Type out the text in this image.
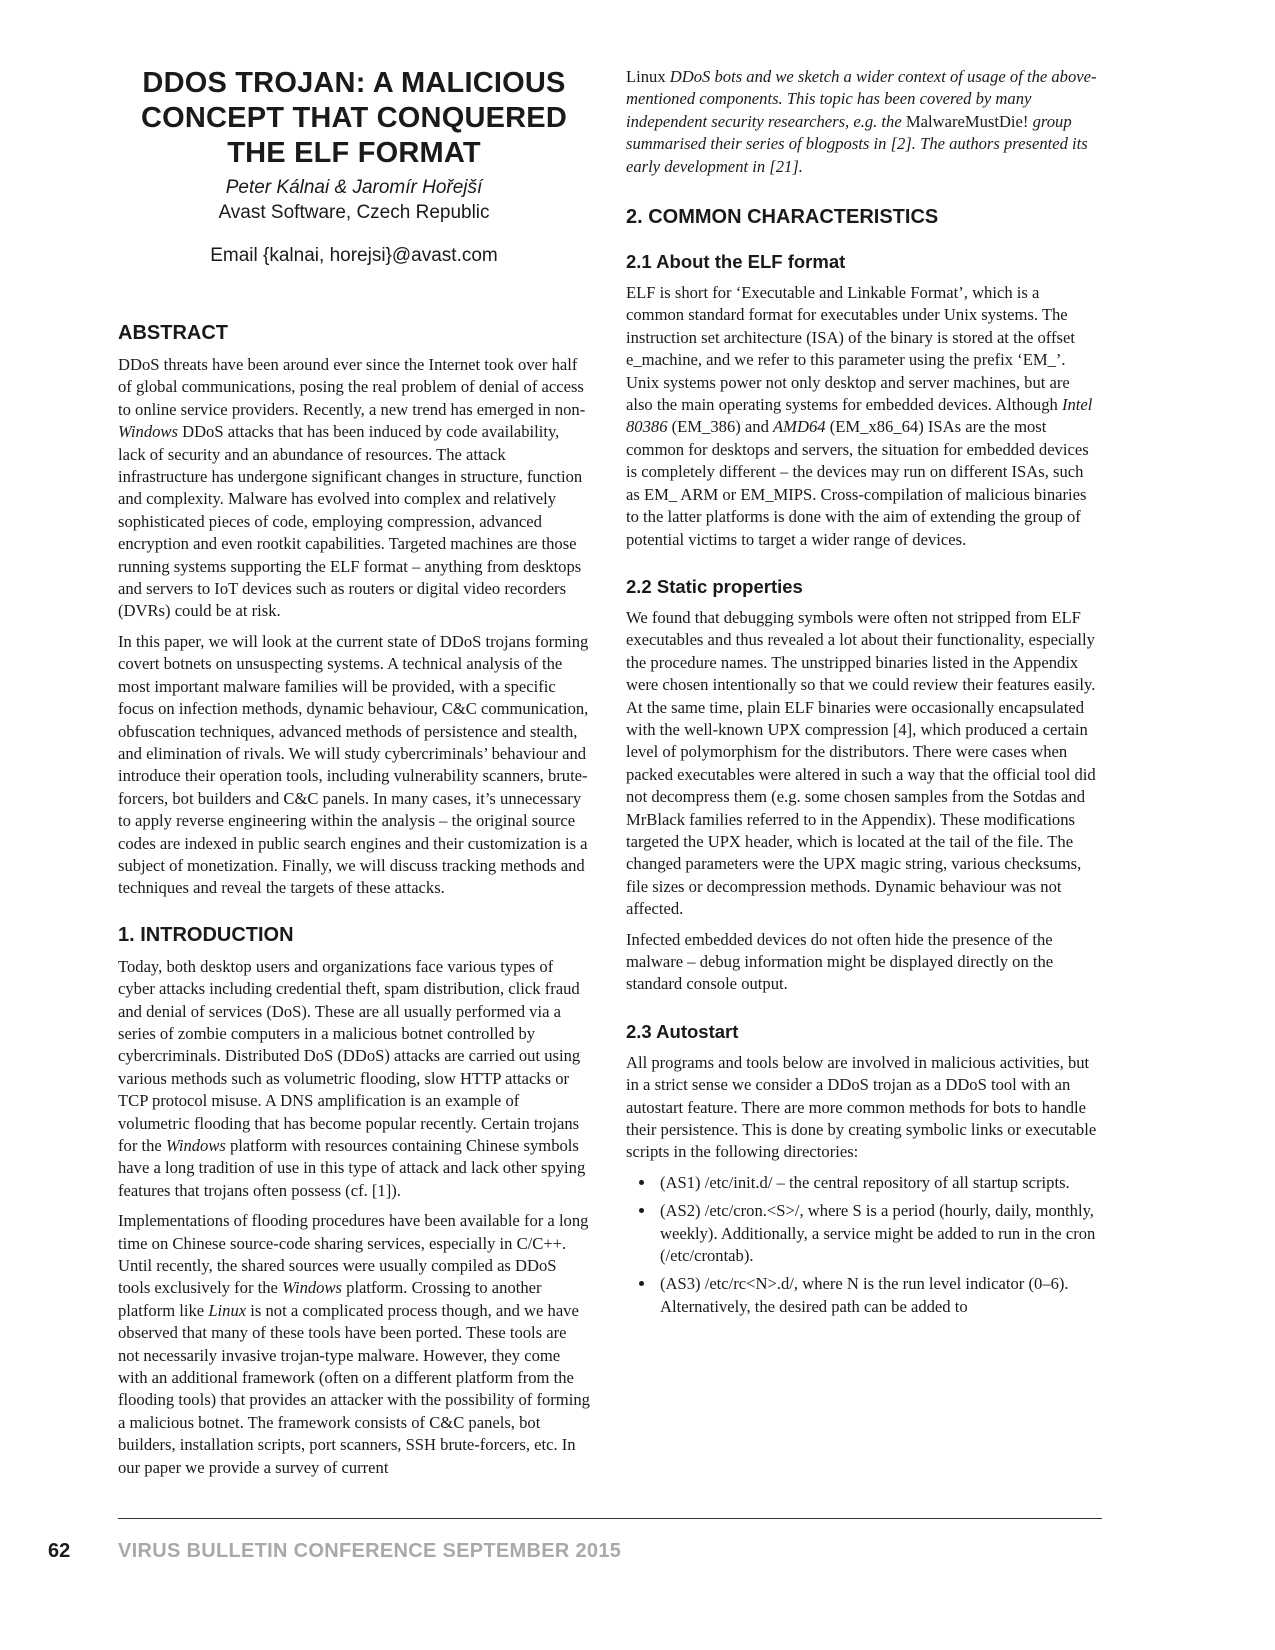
DDOS TROJAN: A MALICIOUS
CONCEPT THAT CONQUERED
THE ELF FORMAT

Peter Kálnai & Jaromír Hořejší

Avast Software, Czech Republic

Email {kalnai, horejsi}@avast.com

ABSTRACT

DDoS threats have been around ever since the Internet took over half of global communications, posing the real problem of denial of access to online service providers. Recently, a new trend has emerged in non-Windows DDoS attacks that has been induced by code availability, lack of security and an abundance of resources. The attack infrastructure has undergone significant changes in structure, function and complexity. Malware has evolved into complex and relatively sophisticated pieces of code, employing compression, advanced encryption and even rootkit capabilities. Targeted machines are those running systems supporting the ELF format – anything from desktops and servers to IoT devices such as routers or digital video recorders (DVRs) could be at risk.

In this paper, we will look at the current state of DDoS trojans forming covert botnets on unsuspecting systems. A technical analysis of the most important malware families will be provided, with a specific focus on infection methods, dynamic behaviour, C&C communication, obfuscation techniques, advanced methods of persistence and stealth, and elimination of rivals. We will study cybercriminals’ behaviour and introduce their operation tools, including vulnerability scanners, brute-forcers, bot builders and C&C panels. In many cases, it’s unnecessary to apply reverse engineering within the analysis – the original source codes are indexed in public search engines and their customization is a subject of monetization. Finally, we will discuss tracking methods and techniques and reveal the targets of these attacks.

1. INTRODUCTION

Today, both desktop users and organizations face various types of cyber attacks including credential theft, spam distribution, click fraud and denial of services (DoS). These are all usually performed via a series of zombie computers in a malicious botnet controlled by cybercriminals. Distributed DoS (DDoS) attacks are carried out using various methods such as volumetric flooding, slow HTTP attacks or TCP protocol misuse. A DNS amplification is an example of volumetric flooding that has become popular recently. Certain trojans for the Windows platform with resources containing Chinese symbols have a long tradition of use in this type of attack and lack other spying features that trojans often possess (cf. [1]).

Implementations of flooding procedures have been available for a long time on Chinese source-code sharing services, especially in C/C++. Until recently, the shared sources were usually compiled as DDoS tools exclusively for the Windows platform. Crossing to another platform like Linux is not a complicated process though, and we have observed that many of these tools have been ported. These tools are not necessarily invasive trojan-type malware. However, they come with an additional framework (often on a different platform from the flooding tools) that provides an attacker with the possibility of forming a malicious botnet. The framework consists of C&C panels, bot builders, installation scripts, port scanners, SSH brute-forcers, etc. In our paper we provide a survey of current

Linux DDoS bots and we sketch a wider context of usage of the above-mentioned components. This topic has been covered by many independent security researchers, e.g. the MalwareMustDie! group summarised their series of blogposts in [2]. The authors presented its early development in [21].

2. COMMON CHARACTERISTICS
2.1 About the ELF format

ELF is short for ‘Executable and Linkable Format’, which is a common standard format for executables under Unix systems. The instruction set architecture (ISA) of the binary is stored at the offset e_machine, and we refer to this parameter using the prefix ‘EM_’. Unix systems power not only desktop and server machines, but are also the main operating systems for embedded devices. Although Intel 80386 (EM_386) and AMD64 (EM_x86_64) ISAs are the most common for desktops and servers, the situation for embedded devices is completely different – the devices may run on different ISAs, such as EM_ ARM or EM_MIPS. Cross-compilation of malicious binaries to the latter platforms is done with the aim of extending the group of potential victims to target a wider range of devices.

2.2 Static properties

We found that debugging symbols were often not stripped from ELF executables and thus revealed a lot about their functionality, especially the procedure names. The unstripped binaries listed in the Appendix were chosen intentionally so that we could review their features easily. At the same time, plain ELF binaries were occasionally encapsulated with the well-known UPX compression [4], which produced a certain level of polymorphism for the distributors. There were cases when packed executables were altered in such a way that the official tool did not decompress them (e.g. some chosen samples from the Sotdas and MrBlack families referred to in the Appendix). These modifications targeted the UPX header, which is located at the tail of the file. The changed parameters were the UPX magic string, various checksums, file sizes or decompression methods. Dynamic behaviour was not affected.

Infected embedded devices do not often hide the presence of the malware – debug information might be displayed directly on the standard console output.

2.3 Autostart

All programs and tools below are involved in malicious activities, but in a strict sense we consider a DDoS trojan as a DDoS tool with an autostart feature. There are more common methods for bots to handle their persistence. This is done by creating symbolic links or executable scripts in the following directories:

• (AS1) /etc/init.d/ – the central repository of all startup scripts.
• (AS2) /etc/cron.<S>/, where S is a period (hourly, daily, monthly, weekly). Additionally, a service might be added to run in the cron (/etc/crontab).
• (AS3) /etc/rc<N>.d/, where N is the run level indicator (0–6). Alternatively, the desired path can be added to
62 VIRUS BULLETIN CONFERENCE SEPTEMBER 2015
